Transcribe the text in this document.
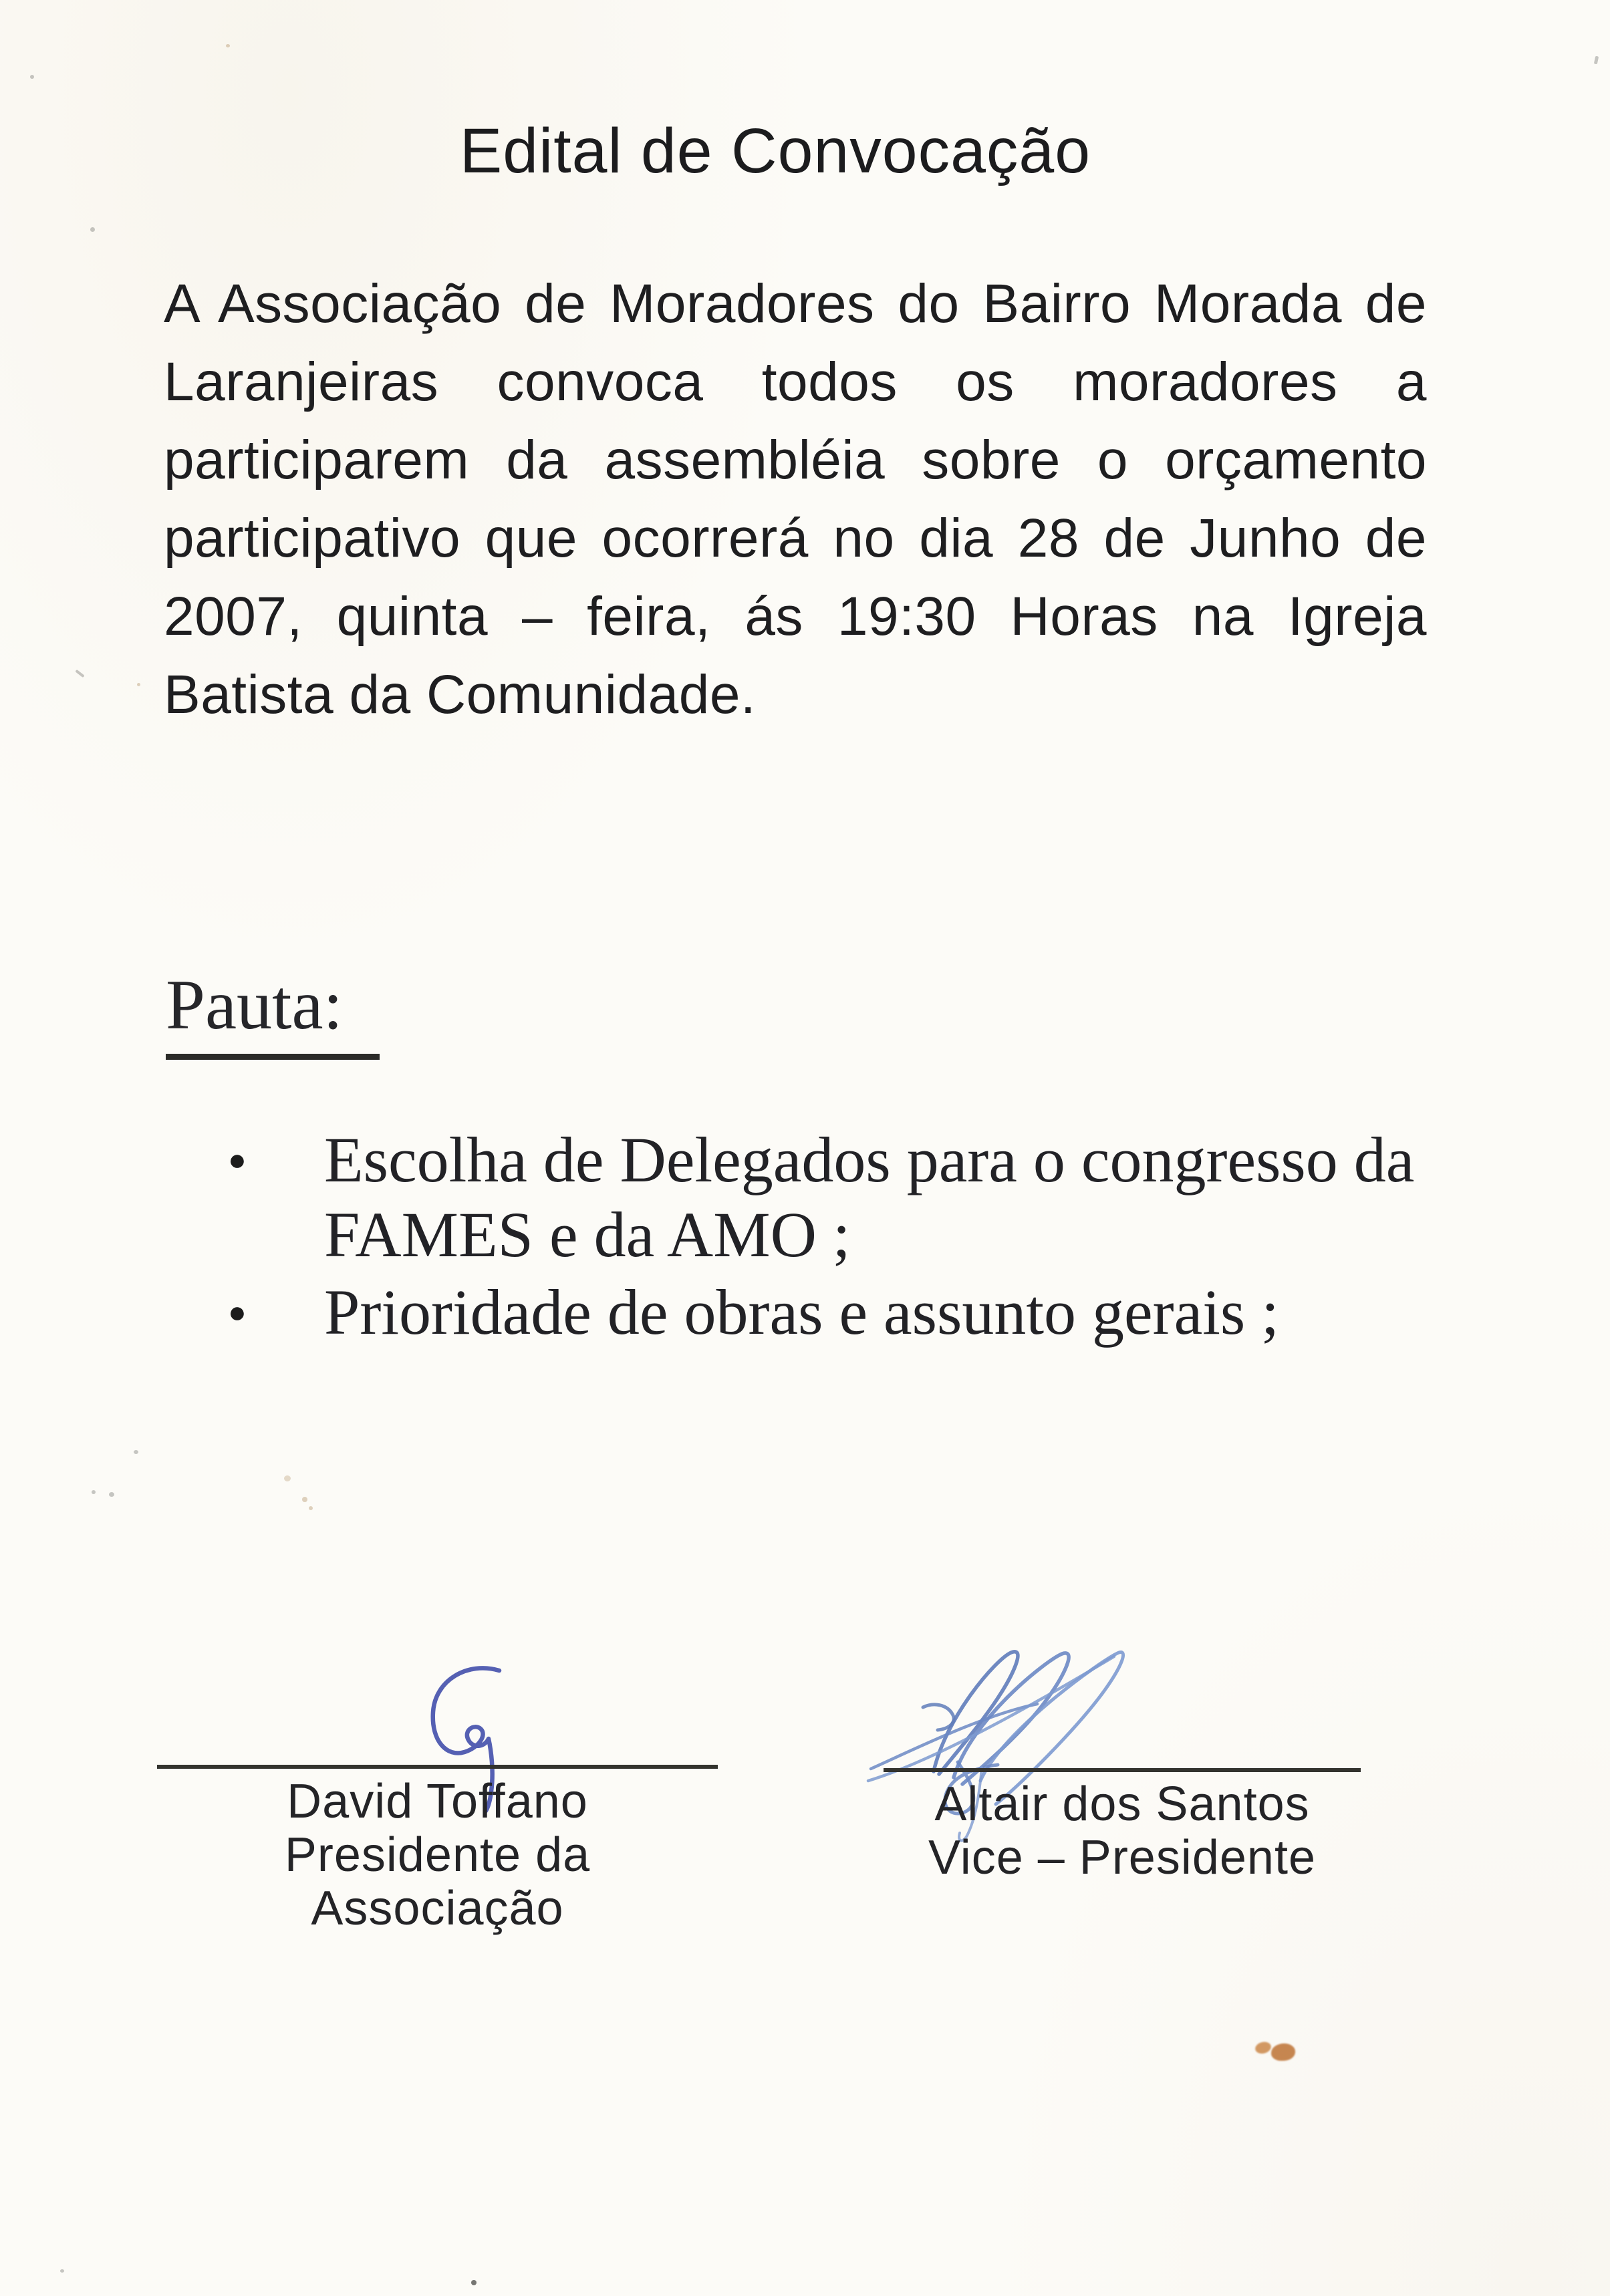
Edital de Convocação
A Associação de Moradores do Bairro Morada de
Laranjeiras convoca todos os moradores a
participarem da assembléia sobre o orçamento
participativo que ocorrerá no dia 28 de Junho de
2007, quinta – feira, ás 19:30 Horas na Igreja
Batista da Comunidade.
Pauta:
●	Escolha de Delegados para o congresso da
FAMES e da AMO ;
●	Prioridade de obras e assunto gerais ;
David Toffano
Presidente da Associação
Altair dos Santos
Vice – Presidente
